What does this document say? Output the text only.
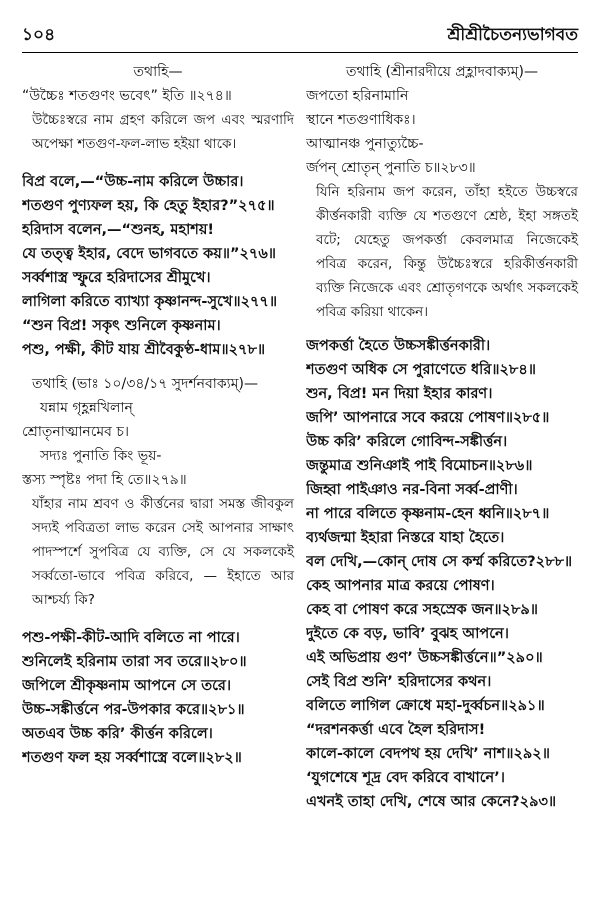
১০৪	শ্রীশ্রীচৈতন্যভাগবত
তথাহি—
“উচ্চৈঃ শতগুণং ভবেৎ” ইতি ॥২৭৪॥
উচ্চৈঃস্বরে নাম গ্রহণ করিলে জপ এবং স্মরণাদি অপেক্ষা শতগুণ-ফল-লাভ হইয়া থাকে।
বিপ্র বলে,—“উচ্চ-নাম করিলে উচ্চার।
শতগুণ পুণ্যফল হয়, কি হেতু ইহার?”২৭৫॥
হরিদাস বলেন,—“শুনহ, মহাশয়!
যে তত্ত্ব ইহার, বেদে ভাগবতে কয়॥”২৭৬॥
সর্ব্বশাস্ত্র স্ফুরে হরিদাসের শ্রীমুখে।
লাগিলা করিতে ব্যাখ্যা কৃষ্ণানন্দ-সুখে॥২৭৭॥
“শুন বিপ্র! সকৃৎ শুনিলে কৃষ্ণনাম।
পশু, পক্ষী, কীট যায় শ্রীবৈকুণ্ঠ-ধাম॥২৭৮॥
তথাহি (ভাঃ ১০/৩৪/১৭ সুদর্শনবাক্যম্)—
যন্নাম গৃহ্ণন্নখিলান্
শ্রোতৃনাত্মানমেব চ।
সদ্যঃ পুনাতি কিং ভূয়-
স্তস্য স্পৃষ্টঃ পদা হি তে॥২৭৯॥
যাঁহার নাম শ্রবণ ও কীর্ত্তনের দ্বারা সমস্ত জীবকুল সদ্যই পবিত্রতা লাভ করেন সেই আপনার সাক্ষাৎ পাদস্পর্শে সুপবিত্র যে ব্যক্তি, সে যে সকলকেই সর্ব্বতো-ভাবে পবিত্র করিবে, — ইহাতে আর আশ্চর্য্য কি?
পশু-পক্ষী-কীট-আদি বলিতে না পারে।
শুনিলেই হরিনাম তারা সব তরে॥২৮০॥
জপিলে শ্রীকৃষ্ণনাম আপনে সে তরে।
উচ্চ-সঙ্কীর্ত্তনে পর-উপকার করে॥২৮১॥
অতএব উচ্চ করি’ কীর্ত্তন করিলে।
শতগুণ ফল হয় সর্ব্বশাস্ত্রে বলে॥২৮২॥
তথাহি (শ্রীনারদীয়ে প্রহ্লাদবাক্যম্)—
জপতো হরিনামানি
স্থানে শতগুণাধিকঃ।
আত্মানঞ্চ পুনাত্যুচ্চৈ-
র্জপন্ শ্রোতৃন্ পুনাতি চ॥২৮৩॥
যিনি হরিনাম জপ করেন, তাঁহা হইতে উচ্চস্বরে কীর্ত্তনকারী ব্যক্তি যে শতগুণে শ্রেষ্ঠ, ইহা সঙ্গতই বটে; যেহেতু জপকর্ত্তা কেবলমাত্র নিজেকেই পবিত্র করেন, কিন্তু উচ্চৈঃস্বরে হরিকীর্ত্তনকারী ব্যক্তি নিজেকে এবং শ্রোতৃগণকে অর্থাৎ সকলকেই পবিত্র করিয়া থাকেন।
জপকর্ত্তা হৈতে উচ্চসঙ্কীর্ত্তনকারী।
শতগুণ অধিক সে পুরাণেতে ধরি॥২৮৪॥
শুন, বিপ্র! মন দিয়া ইহার কারণ।
জপি’ আপনারে সবে করয়ে পোষণ॥২৮৫॥
উচ্চ করি’ করিলে গোবিন্দ-সঙ্কীর্ত্তন।
জন্তুমাত্র শুনিঞাই পাই বিমোচন॥২৮৬॥
জিহ্বা পাইঞাও নর-বিনা সর্ব্ব-প্রাণী।
না পারে বলিতে কৃষ্ণনাম-হেন ধ্বনি॥২৮৭॥
ব্যর্থজন্মা ইহারা নিস্তরে যাহা হৈতে।
বল দেখি,—কোন্ দোষ সে কর্ম্ম করিতে?২৮৮॥
কেহ আপনার মাত্র করয়ে পোষণ।
কেহ বা পোষণ করে সহস্রেক জন॥২৮৯॥
দুইতে কে বড়, ভাবি’ বুঝহ আপনে।
এই অভিপ্রায় গুণ’ উচ্চসঙ্কীর্ত্তনে॥”২৯০॥
সেই বিপ্র শুনি’ হরিদাসের কথন।
বলিতে লাগিল ক্রোধে মহা-দুর্ব্বচন॥২৯১॥
“দরশনকর্ত্তা এবে হৈল হরিদাস!
কালে-কালে বেদপথ হয় দেখি’ নাশ॥২৯২॥
‘যুগশেষে শূদ্র বেদ করিবে বাখানে’।
এখনই তাহা দেখি, শেষে আর কেনে?২৯৩॥
